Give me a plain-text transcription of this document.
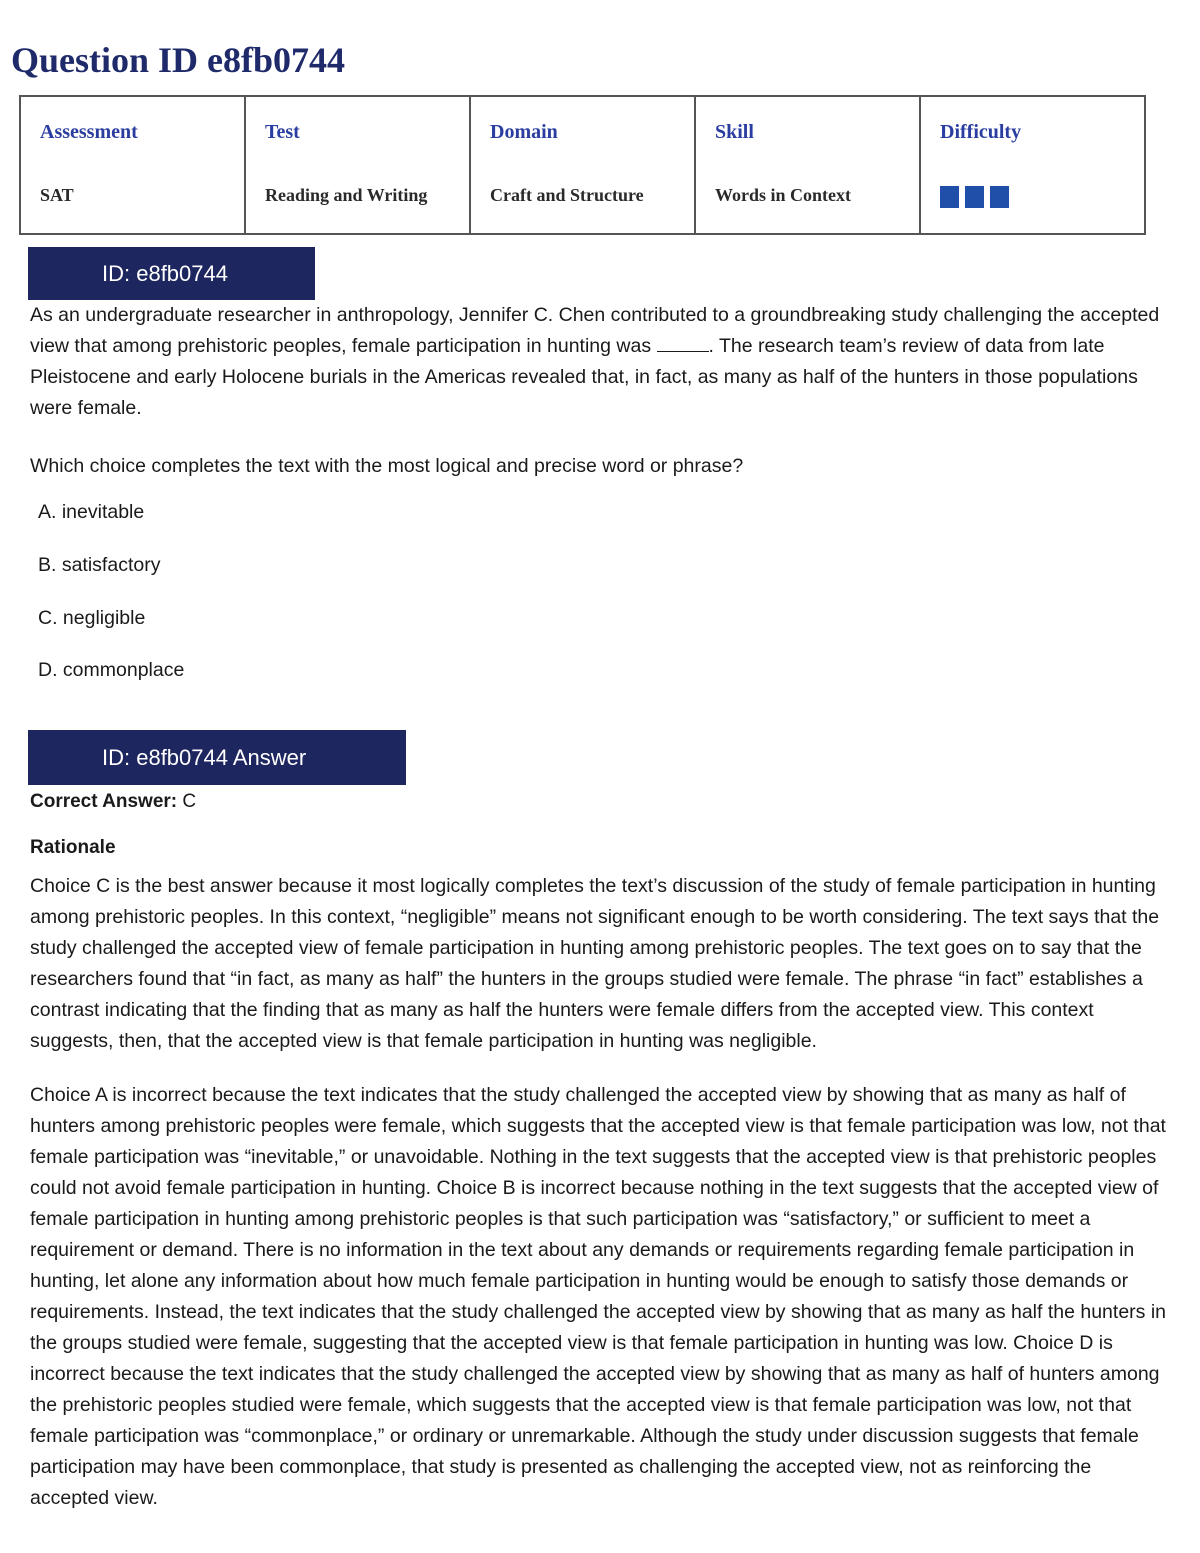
Question ID e8fb0744
Assessment
SAT

Test
Reading and Writing

Domain
Craft and Structure

Skill
Words in Context

Difficulty
ID: e8fb0744

As an undergraduate researcher in anthropology, Jennifer C. Chen contributed to a groundbreaking study challenging the accepted view that among prehistoric peoples, female participation in hunting was	. The research team’s review of data from late Pleistocene and early Holocene burials in the Americas revealed that, in fact, as many as half of the hunters in those populations were female.

Which choice completes the text with the most logical and precise word or phrase?

A. inevitable

B. satisfactory

C. negligible

D. commonplace

ID: e8fb0744 Answer

Correct Answer: C

Rationale

Choice C is the best answer because it most logically completes the text’s discussion of the study of female participation in hunting among prehistoric peoples. In this context, “negligible” means not significant enough to be worth considering. The text says that the study challenged the accepted view of female participation in hunting among prehistoric peoples. The text goes on to say that the researchers found that “in fact, as many as half” the hunters in the groups studied were female. The phrase “in fact” establishes a contrast indicating that the finding that as many as half the hunters were female differs from the accepted view. This context suggests, then, that the accepted view is that female participation in hunting was negligible.

Choice A is incorrect because the text indicates that the study challenged the accepted view by showing that as many as half of hunters among prehistoric peoples were female, which suggests that the accepted view is that female participation was low, not that female participation was “inevitable,” or unavoidable. Nothing in the text suggests that the accepted view is that prehistoric peoples could not avoid female participation in hunting. Choice B is incorrect because nothing in the text suggests that the accepted view of female participation in hunting among prehistoric peoples is that such participation was “satisfactory,” or sufficient to meet a requirement or demand. There is no information in the text about any demands or requirements regarding female participation in hunting, let alone any information about how much female participation in hunting would be enough to satisfy those demands or requirements. Instead, the text indicates that the study challenged the accepted view by showing that as many as half the hunters in the groups studied were female, suggesting that the accepted view is that female participation in hunting was low. Choice D is incorrect because the text indicates that the study challenged the accepted view by showing that as many as half of hunters among the prehistoric peoples studied were female, which suggests that the accepted view is that female participation was low, not that female participation was “commonplace,” or ordinary or unremarkable. Although the study under discussion suggests that female participation may have been commonplace, that study is presented as challenging the accepted view, not as reinforcing the accepted view.
